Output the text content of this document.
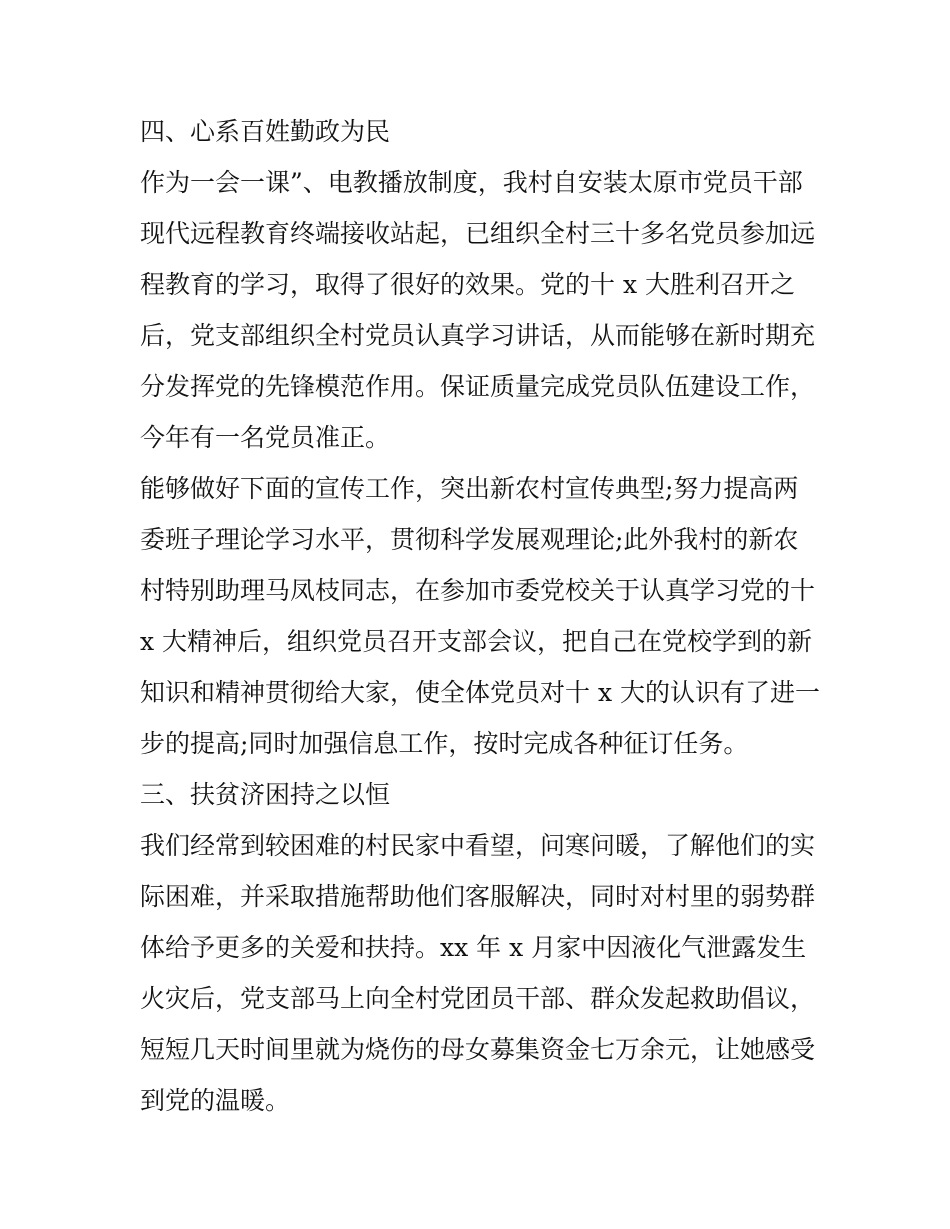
四、心系百姓勤政为民
作为一会一课”、电教播放制度，我村自安装太原市党员干部
现代远程教育终端接收站起，已组织全村三十多名党员参加远
程教育的学习，取得了很好的效果。党的十 x 大胜利召开之
后，党支部组织全村党员认真学习讲话，从而能够在新时期充
分发挥党的先锋模范作用。保证质量完成党员队伍建设工作，
今年有一名党员准正。
能够做好下面的宣传工作，突出新农村宣传典型;努力提高两
委班子理论学习水平，贯彻科学发展观理论;此外我村的新农
村特别助理马凤枝同志，在参加市委党校关于认真学习党的十
x 大精神后，组织党员召开支部会议，把自己在党校学到的新
知识和精神贯彻给大家，使全体党员对十 x 大的认识有了进一
步的提高;同时加强信息工作，按时完成各种征订任务。
三、扶贫济困持之以恒
我们经常到较困难的村民家中看望，问寒问暖，了解他们的实
际困难，并采取措施帮助他们客服解决，同时对村里的弱势群
体给予更多的关爱和扶持。xx 年 x 月家中因液化气泄露发生
火灾后，党支部马上向全村党团员干部、群众发起救助倡议，
短短几天时间里就为烧伤的母女募集资金七万余元，让她感受
到党的温暖。
